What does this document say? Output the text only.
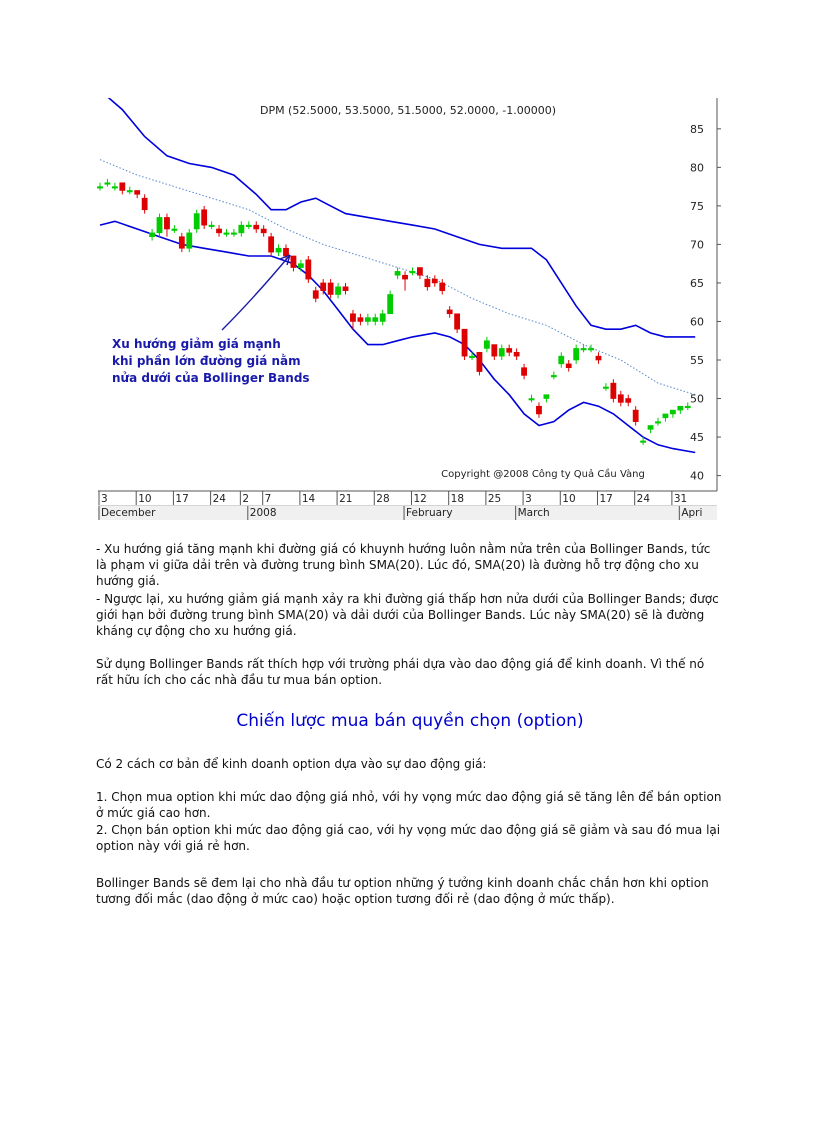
40
45
50
55
60
65
70
75
80
85
3	10 17 24 2 7	14 21 28 12 18 25 3	10 17 24 31
December	2008	February	March	Apri
DPM (52.5000, 53.5000, 51.5000, 52.0000, -1.00000)
Copyright @2008 Công ty Quả Cầu Vàng
Xu hướng giảm giá mạnh
khi phần lớn đường giá nằm
nửa dưới của Bollinger Bands

- Xu hướng giá tăng mạnh khi đường giá có khuynh hướng luôn nằm nửa trên của Bollinger Bands, tức là phạm vi giữa dải trên và đường trung bình SMA(20). Lúc đó, SMA(20) là đường hỗ trợ động cho xu hướng giá.

- Ngược lại, xu hướng giảm giá mạnh xảy ra khi đường giá thấp hơn nửa dưới của Bollinger Bands; được giới hạn bởi đường trung bình SMA(20) và dải dưới của Bollinger Bands. Lúc này SMA(20) sẽ là đường kháng cự động cho xu hướng giá.

Sử dụng Bollinger Bands rất thích hợp với trường phái dựa vào dao động giá để kinh doanh. Vì thế nó rất hữu ích cho các nhà đầu tư mua bán option.

Chiến lược mua bán quyền chọn (option)
Có 2 cách cơ bản để kinh doanh option dựa vào sự dao động giá:
1. Chọn mua option khi mức dao động giá nhỏ, với hy vọng mức dao động giá sẽ tăng lên để bán option ở mức giá cao hơn.
2. Chọn bán option khi mức dao động giá cao, với hy vọng mức dao động giá sẽ giảm và sau đó mua lại option này với giá rẻ hơn.
Bollinger Bands sẽ đem lại cho nhà đầu tư option những ý tưởng kinh doanh chắc chắn hơn khi option tương đối mắc (dao động ở mức cao) hoặc option tương đối rẻ (dao động ở mức thấp).
